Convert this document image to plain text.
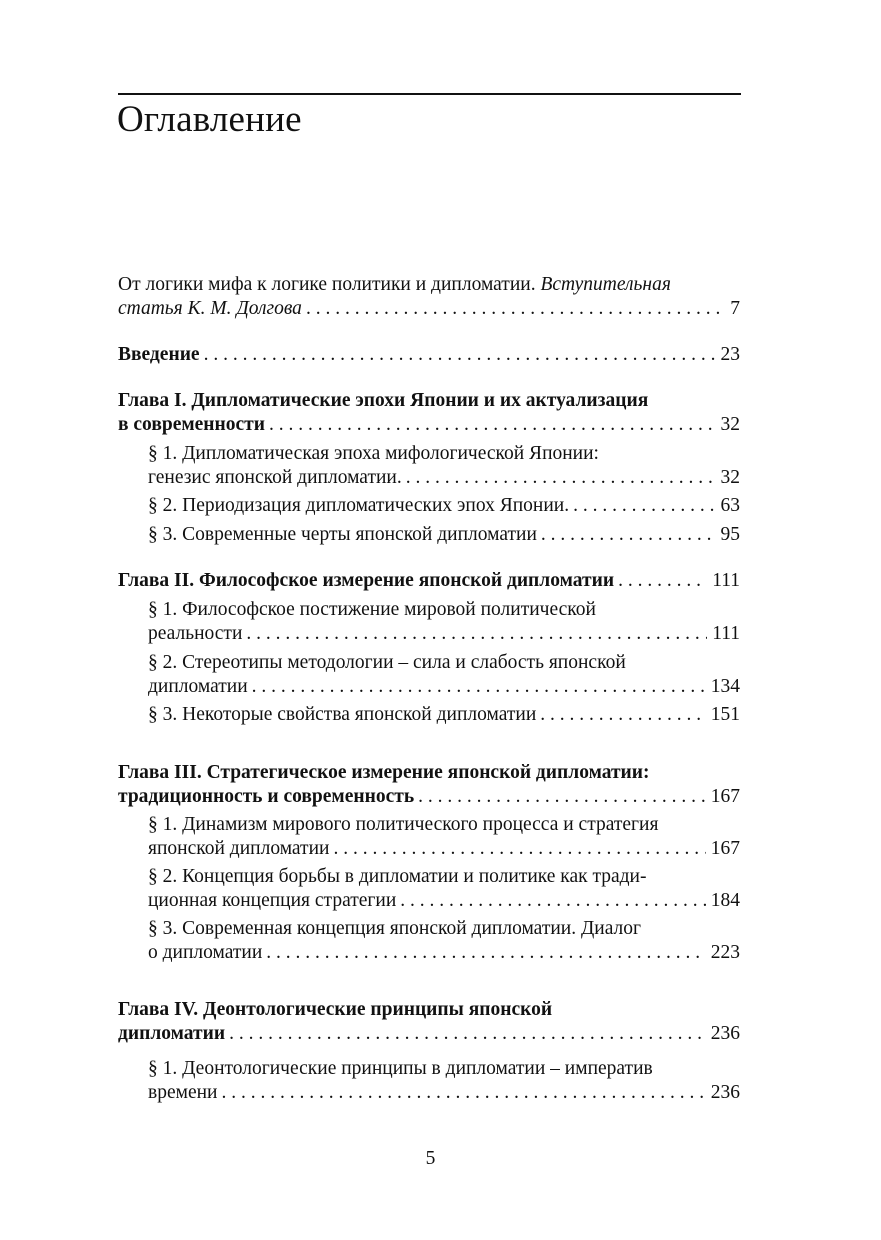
Оглавление
От логики мифа к логике политики и дипломатии. Вступительная
статья К. М. Долгова . . .	7
Введение . . .	23
Глава I. Дипломатические эпохи Японии и их актуализация
в современности . . .	32
§ 1. Дипломатическая эпоха мифологической Японии:
генезис японской дипломатии. . . .	32
§ 2. Периодизация дипломатических эпох Японии. . . .	63
§ 3. Современные черты японской дипломатии . . .	95
Глава II. Философское измерение японской дипломатии . . .	111
§ 1. Философское постижение мировой политической
реальности . . .	111
§ 2. Стереотипы методологии – сила и слабость японской
дипломатии . . .	134
§ 3. Некоторые свойства японской дипломатии . . .	151
Глава III. Стратегическое измерение японской дипломатии:
традиционность и современность . . .	167
§ 1. Динамизм мирового политического процесса и стратегия
японской дипломатии . . .	167
§ 2. Концепция борьбы в дипломатии и политике как тради-
ционная концепция стратегии . . .	184
§ 3. Современная концепция японской дипломатии. Диалог
о дипломатии . . .	223
Глава IV. Деонтологические принципы японской
дипломатии . . .	236
§ 1. Деонтологические принципы в дипломатии – императив
времени . . .	236
5
